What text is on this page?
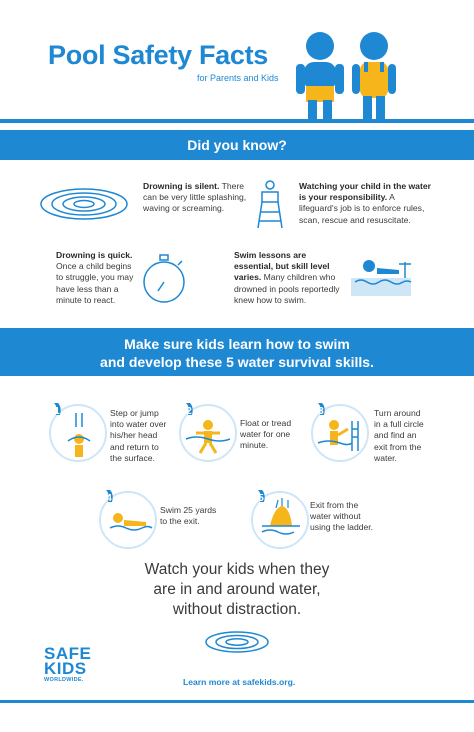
Pool Safety Facts
for Parents and Kids
Did you know?
Drowning is silent. There can be very little splashing, waving or screaming.
Watching your child in the water is your responsibility. A lifeguard's job is to enforce rules, scan, rescue and resuscitate.
Drowning is quick. Once a child begins to struggle, you may have less than a minute to react.
Swim lessons are essential, but skill level varies. Many children who drowned in pools reportedly knew how to swim.
Make sure kids learn how to swim
and develop these 5 water survival skills.
1	Step or jump
into water over
his/her head
and return to
the surface.
2
Float or tread
water for one
minute.
3	Turn around
in a full circle
and find an
exit from the
water.
4
Swim 25 yards
to the exit.
5
Exit from the
water without
using the ladder.
Watch your kids when they
are in and around water,
without distraction.
SAFE
KIDS
WORLDWIDE.	Learn more at safekids.org.
